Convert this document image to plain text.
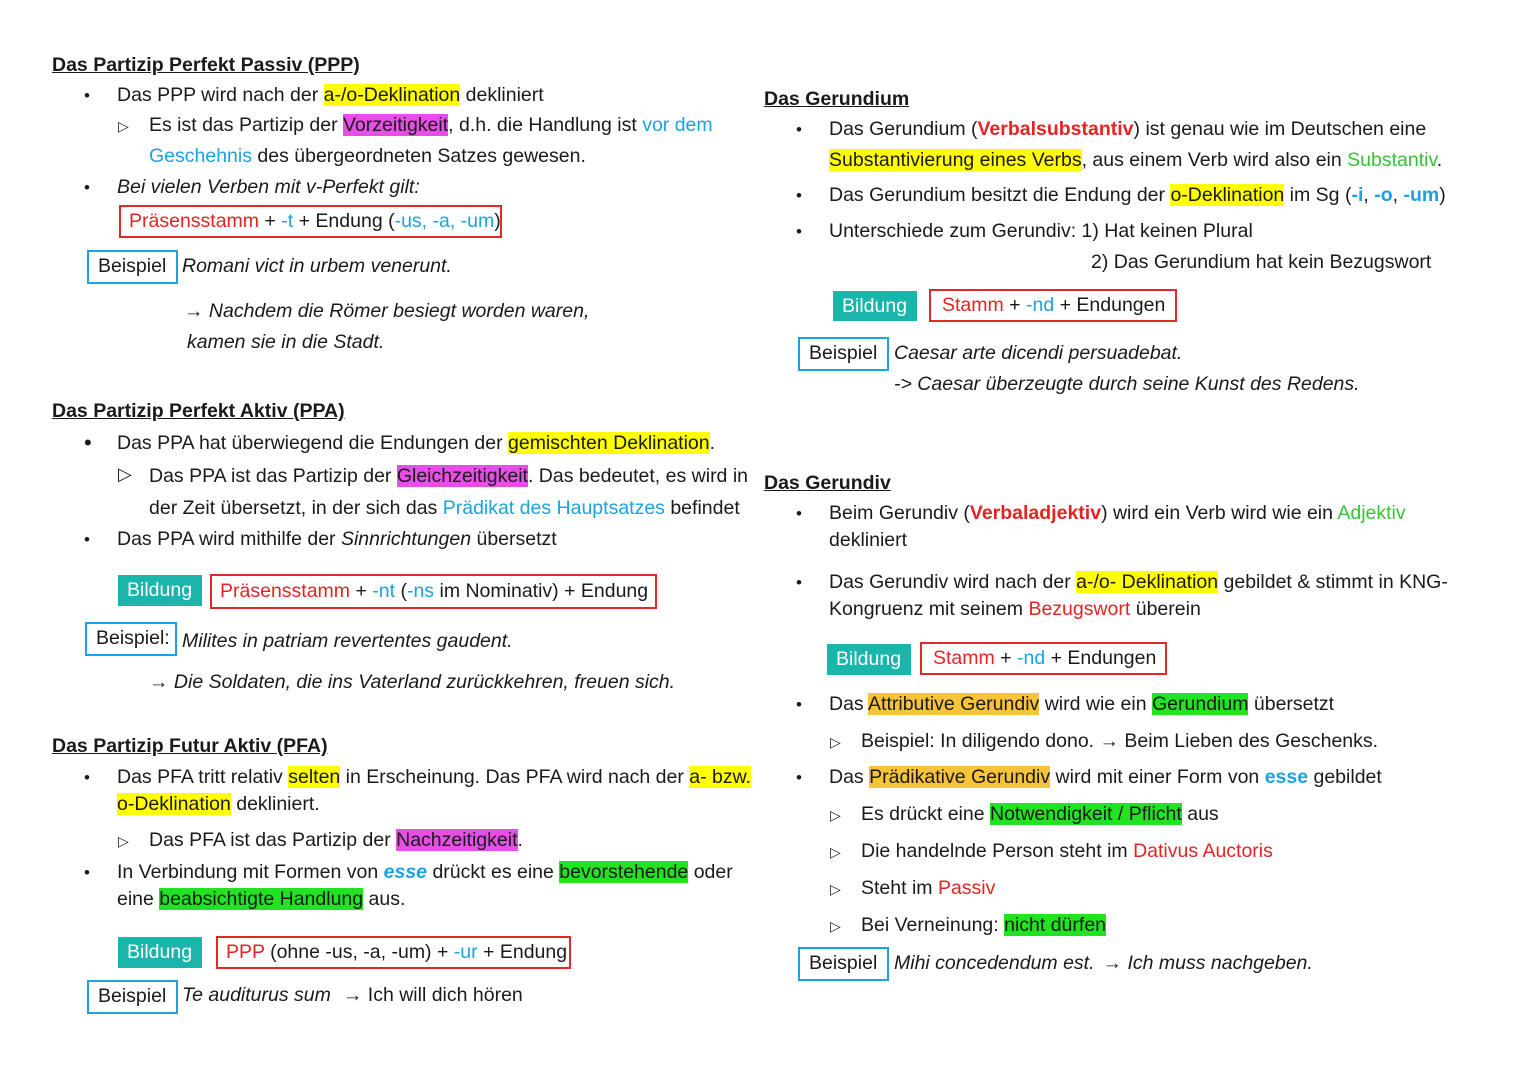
Das Partizip Perfekt Passiv (PPP)
• Das PPP wird nach der a-/o-Deklination dekliniert
▷ Es ist das Partizip der Vorzeitigkeit, d.h. die Handlung ist vor dem
Geschehnis des übergeordneten Satzes gewesen.
• Bei vielen Verben mit v-Perfekt gilt:
Präsensstamm + -t + Endung (-us, -a, -um)
Beispiel Romani vict in urbem venerunt.
→ Nachdem die Römer besiegt worden waren,
kamen sie in die Stadt.
Das Partizip Perfekt Aktiv (PPA)
• Das PPA hat überwiegend die Endungen der gemischten Deklination.
▷ Das PPA ist das Partizip der Gleichzeitigkeit. Das bedeutet, es wird in
der Zeit übersetzt, in der sich das Prädikat des Hauptsatzes befindet
• Das PPA wird mithilfe der Sinnrichtungen übersetzt
Bildung	Präsensstamm + -nt (-ns im Nominativ) + Endung
Beispiel: Milites in patriam revertentes gaudent.
→ Die Soldaten, die ins Vaterland zurückkehren, freuen sich.
Das Partizip Futur Aktiv (PFA)
• Das PFA tritt relativ selten in Erscheinung. Das PFA wird nach der a- bzw.
o-Deklination dekliniert.
▷ Das PFA ist das Partizip der Nachzeitigkeit.
• In Verbindung mit Formen von esse drückt es eine bevorstehende oder
eine beabsichtigte Handlung aus.
Bildung	PPP (ohne -us, -a, -um) + -ur + Endung
Beispiel Te auditurus sum → Ich will dich hören
Das Gerundium
• Das Gerundium (Verbalsubstantiv) ist genau wie im Deutschen eine
Substantivierung eines Verbs, aus einem Verb wird also ein Substantiv.
• Das Gerundium besitzt die Endung der o-Deklination im Sg (-i, -o, -um)
• Unterschiede zum Gerundiv: 1) Hat keinen Plural
2) Das Gerundium hat kein Bezugswort
Bildung	Stamm + -nd + Endungen
Beispiel Caesar arte dicendi persuadebat.
-> Caesar überzeugte durch seine Kunst des Redens.
Das Gerundiv
• Beim Gerundiv (Verbaladjektiv) wird ein Verb wird wie ein Adjektiv
dekliniert
• Das Gerundiv wird nach der a-/o- Deklination gebildet & stimmt in KNG-
Kongruenz mit seinem Bezugswort überein
Bildung	Stamm + -nd + Endungen
• Das Attributive Gerundiv wird wie ein Gerundium übersetzt
▷ Beispiel: In diligendo dono. → Beim Lieben des Geschenks.
• Das Prädikative Gerundiv wird mit einer Form von esse gebildet
▷ Es drückt eine Notwendigkeit / Pflicht aus
▷ Die handelnde Person steht im Dativus Auctoris
▷ Steht im Passiv
▷ Bei Verneinung: nicht dürfen
Beispiel Mihi concedendum est. → Ich muss nachgeben.
